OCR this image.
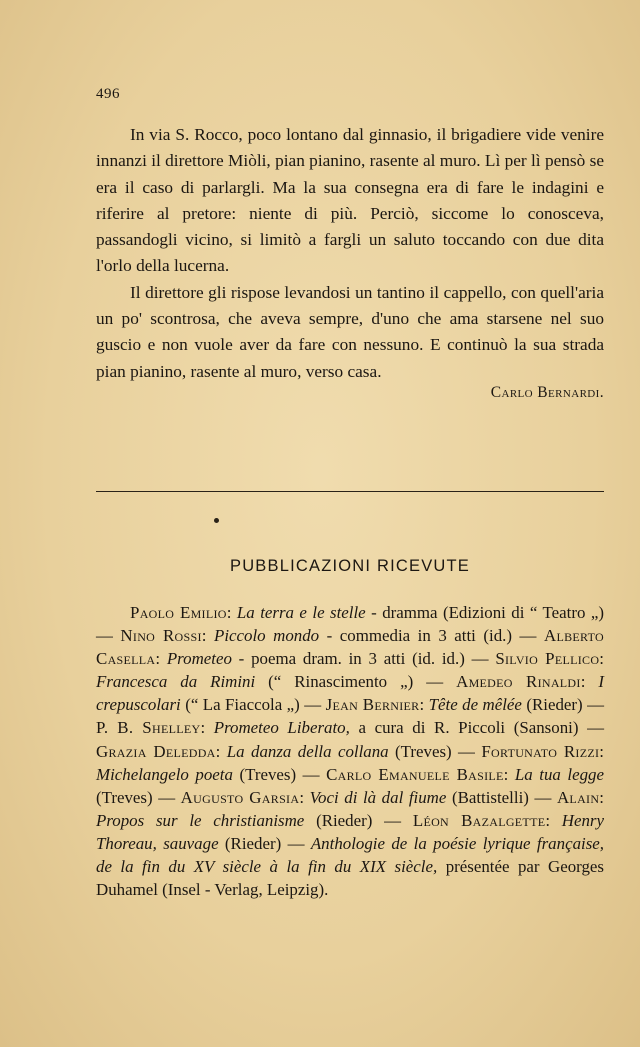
496

In via S. Rocco, poco lontano dal ginnasio, il brigadiere vide venire innanzi il direttore Miòli, pian pianino, rasente al muro. Lì per lì pensò se era il caso di parlargli. Ma la sua consegna era di fare le indagini e riferire al pretore: niente di più. Perciò, siccome lo conosceva, passandogli vicino, si limitò a fargli un saluto toccando con due dita l'orlo della lucerna.

Il direttore gli rispose levandosi un tantino il cappello, con quell'aria un po' scontrosa, che aveva sempre, d'uno che ama starsene nel suo guscio e non vuole aver da fare con nessuno. E continuò la sua strada pian pianino, rasente al muro, verso casa.

Carlo Bernardi.
PUBBLICAZIONI RICEVUTE

Paolo Emilio: La terra e le stelle - dramma (Edizioni di “ Teatro „) — Nino Rossi: Piccolo mondo - commedia in 3 atti (id.) — Alberto Casella: Prometeo - poema dram. in 3 atti (id. id.) — Silvio Pellico: Francesca da Rimini (“ Rinascimento „) — Amedeo Rinaldi: I crepuscolari (“ La Fiaccola „) — Jean Bernier: Tête de mêlée (Rieder) — P. B. Shelley: Prometeo Liberato, a cura di R. Piccoli (Sansoni) — Grazia Deledda: La danza della collana (Treves) — Fortunato Rizzi: Michelangelo poeta (Treves) — Carlo Emanuele Basile: La tua legge (Treves) — Augusto Garsia: Voci di là dal fiume (Battistelli) — Alain: Propos sur le christianisme (Rieder) — Léon Bazalgette: Henry Thoreau, sauvage (Rieder) — Anthologie de la poésie lyrique française, de la fin du XV siècle à la fin du XIX siècle, présentée par Georges Duhamel (Insel - Verlag, Leipzig).
